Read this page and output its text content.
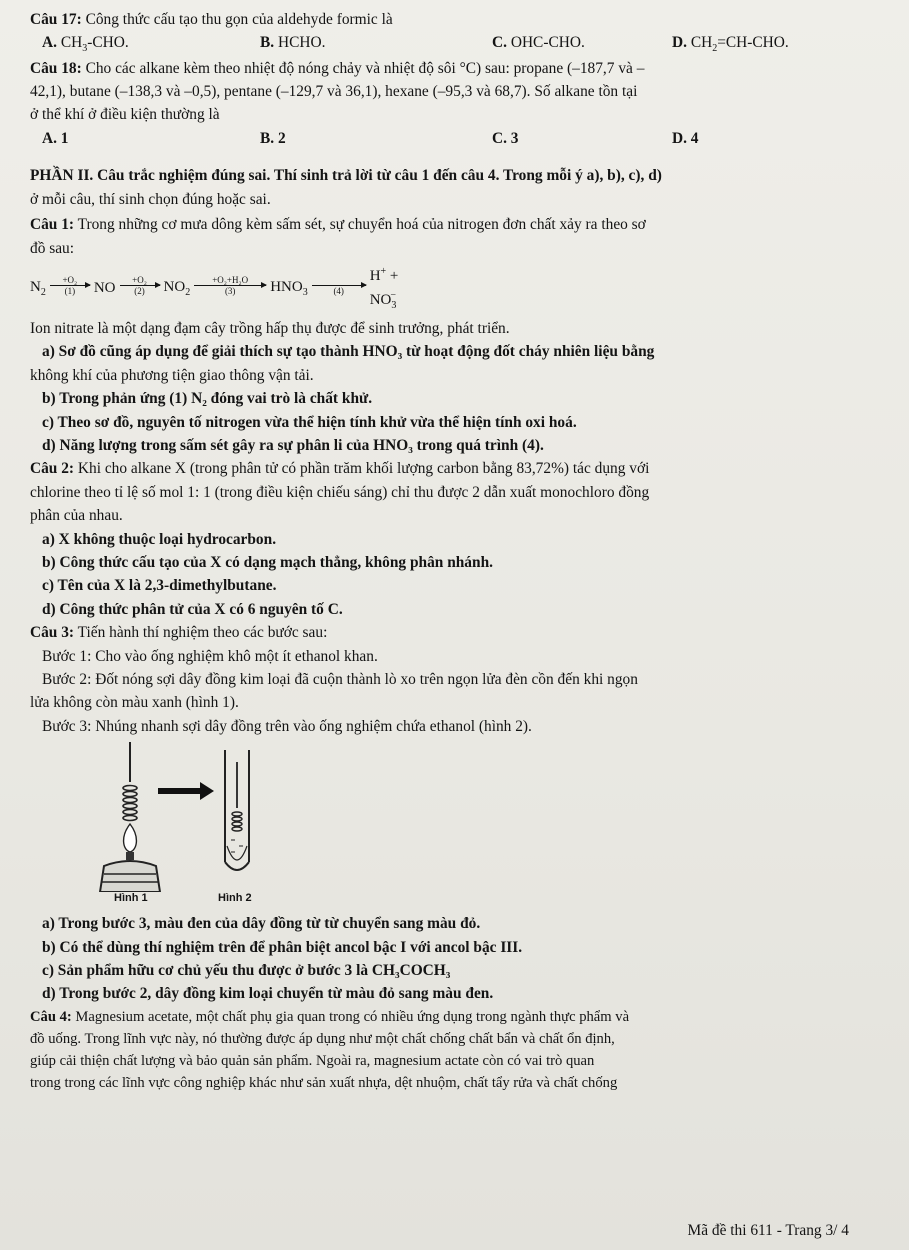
Câu 17: Công thức cấu tạo thu gọn của aldehyde formic là
A. $CH_3$-CHO.	B. HCHO.	C. OHC-CHO.	D. $CH_2=CH$-CHO.
Câu 18: Cho các alkane kèm theo nhiệt độ nóng chảy và nhiệt độ sôi °C) sau: propane (–187,7 và –
42,1), butane (–138,3 và –0,5), pentane (–129,7 và 36,1), hexane (–95,3 và 68,7). Số alkane tồn tại
ở thể khí ở điều kiện thường là
A. 1	B. 2	C. 3	D. 4
PHẦN II. Câu trắc nghiệm đúng sai. Thí sinh trả lời từ câu 1 đến câu 4. Trong mỗi ý a), b), c), d)
ở mỗi câu, thí sinh chọn đúng hoặc sai.
Câu 1: Trong những cơ mưa dông kèm sấm sét, sự chuyển hoá của nitrogen đơn chất xảy ra theo sơ
đồ sau:
$N_2$
+O₂
(1) NO +O₂
(2) $NO_2$
+O₂+H₂O
(3) $HNO_3$
	(4)
$H^+ + NO_3^-$
Ion nitrate là một dạng đạm cây trồng hấp thụ được để sinh trưởng, phát triển.
a) Sơ đồ cũng áp dụng để giải thích sự tạo thành HNO₃ từ hoạt động đốt cháy nhiên liệu bằng
không khí của phương tiện giao thông vận tải.
b) Trong phản ứng (1) N₂ đóng vai trò là chất khử.
c) Theo sơ đồ, nguyên tố nitrogen vừa thể hiện tính khử vừa thể hiện tính oxi hoá.
d) Năng lượng trong sấm sét gây ra sự phân li của HNO₃ trong quá trình (4).
Câu 2: Khi cho alkane X (trong phân tử có phần trăm khối lượng carbon bằng 83,72%) tác dụng với
chlorine theo tỉ lệ số mol 1: 1 (trong điều kiện chiếu sáng) chỉ thu được 2 dẫn xuất monochloro đồng
phân của nhau.
a) X không thuộc loại hydrocarbon.
b) Công thức cấu tạo của X có dạng mạch thẳng, không phân nhánh.
c) Tên của X là 2,3-dimethylbutane.
d) Công thức phân tử của X có 6 nguyên tố C.
Câu 3: Tiến hành thí nghiệm theo các bước sau:
Bước 1: Cho vào ống nghiệm khô một ít ethanol khan.
Bước 2: Đốt nóng sợi dây đồng kim loại đã cuộn thành lò xo trên ngọn lửa đèn cồn đến khi ngọn
lửa không còn màu xanh (hình 1).
Bước 3: Nhúng nhanh sợi dây đồng trên vào ống nghiệm chứa ethanol (hình 2).
Hình 1	Hình 2
a) Trong bước 3, màu đen của dây đồng từ từ chuyển sang màu đỏ.
b) Có thể dùng thí nghiệm trên để phân biệt ancol bậc I với ancol bậc III.
c) Sản phẩm hữu cơ chủ yếu thu được ở bước 3 là CH₃COCH₃
d) Trong bước 2, dây đồng kim loại chuyển từ màu đỏ sang màu đen.
Câu 4: Magnesium acetate, một chất phụ gia quan trong có nhiều ứng dụng trong ngành thực phẩm và
đồ uống. Trong lĩnh vực này, nó thường được áp dụng như một chất chống chất bẩn và chất ổn định,
giúp cải thiện chất lượng và bảo quản sản phẩm. Ngoài ra, magnesium actate còn có vai trò quan
trong trong các lĩnh vực công nghiệp khác như sản xuất nhựa, dệt nhuộm, chất tẩy rửa và chất chống
Mã đề thi 611 - Trang 3/ 4
